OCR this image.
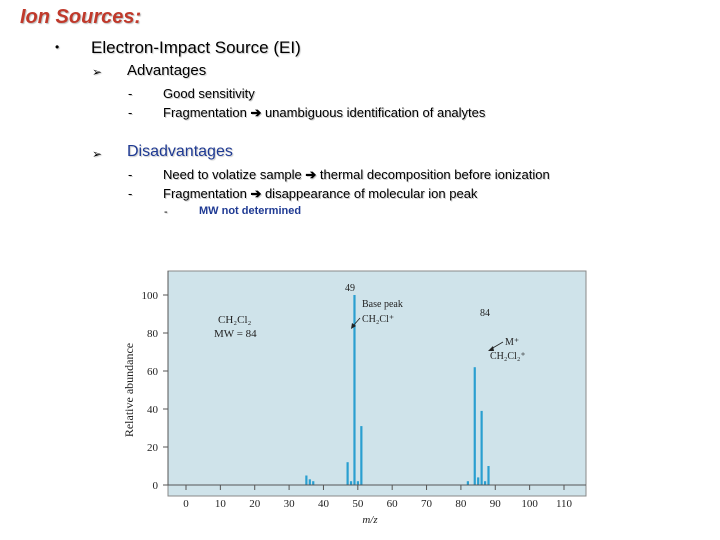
Ion Sources:
• Electron-Impact Source (EI)
➢ Advantages
- Good sensitivity
- Fragmentation ➔ unambiguous identification of analytes
➢ Disadvantages
- Need to volatize sample ➔ thermal decomposition before ionization
- Fragmentation ➔ disappearance of molecular ion peak
-	MW not determined
0
20
40
60
80
100
0 10 20 30 40 50 60 70 80 90 100 110
Relative abundance
m/z
CH₂Cl₂
MW = 84
49
Base peak
CH₂Cl⁺
84
M⁺
CH₂Cl₂⁺
